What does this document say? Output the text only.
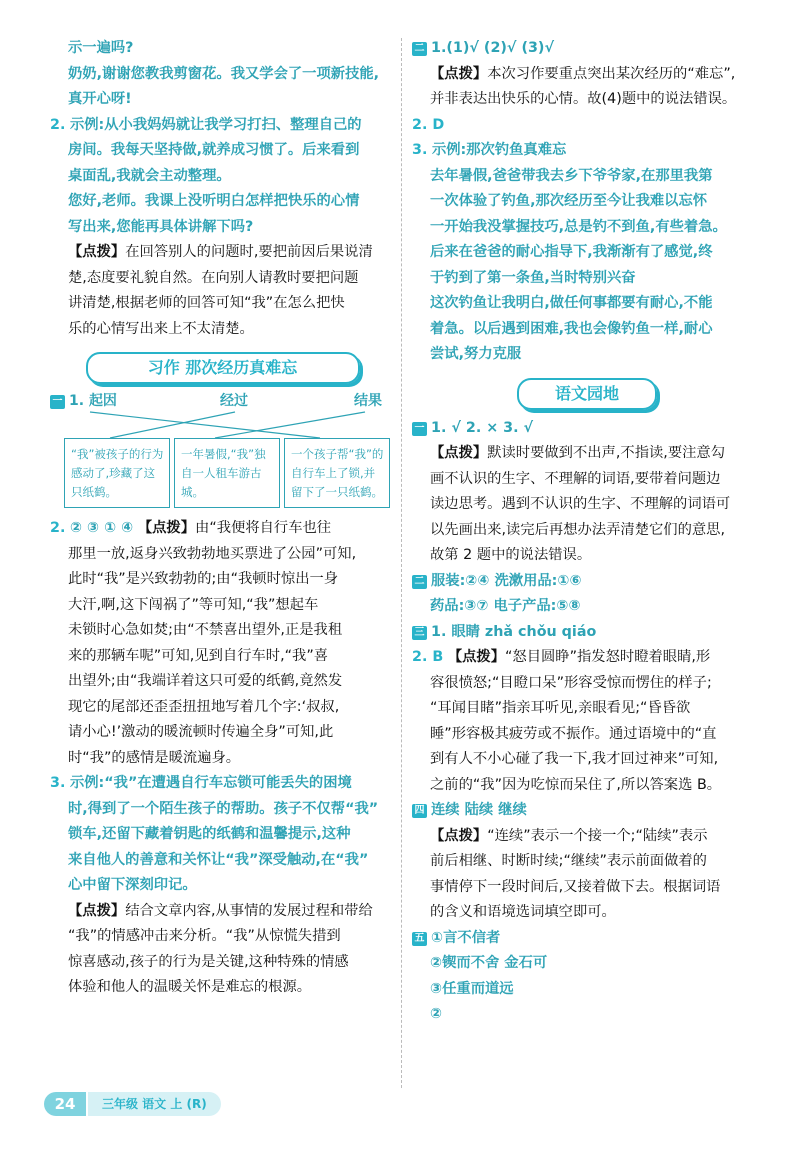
示一遍吗?
奶奶,谢谢您教我剪窗花。我又学会了一项新技能,
真开心呀!
2. 示例:从小我妈妈就让我学习打扫、整理自己的
房间。我每天坚持做,就养成习惯了。后来看到
桌面乱,我就会主动整理。
您好,老师。我课上没听明白怎样把快乐的心情
写出来,您能再具体讲解下吗?
【点拨】在回答别人的问题时,要把前因后果说清
楚,态度要礼貌自然。在向别人请教时要把问题
讲清楚,根据老师的回答可知“我”在怎么把快
乐的心情写出来上不太清楚。
习作 那次经历真难忘
一 1. 起因	经过	结果
“我”被孩子的行为感动了,珍藏了这只纸鹤。
一年暑假,“我”独自一人租车游古城。
一个孩子帮“我”的自行车上了锁,并留下了一只纸鹤。
2. ② ③ ① ④ 【点拨】由“我便将自行车也往
那里一放,返身兴致勃勃地买票进了公园”可知,
此时“我”是兴致勃勃的;由“我顿时惊出一身
大汗,啊,这下闯祸了”等可知,“我”想起车
未锁时心急如焚;由“不禁喜出望外,正是我租
来的那辆车呢”可知,见到自行车时,“我”喜
出望外;由“我端详着这只可爱的纸鹤,竟然发
现它的尾部还歪歪扭扭地写着几个字:‘叔叔,
请小心!’激动的暖流顿时传遍全身”可知,此
时“我”的感情是暖流遍身。
3. 示例:“我”在遭遇自行车忘锁可能丢失的困境
时,得到了一个陌生孩子的帮助。孩子不仅帮“我”
锁车,还留下藏着钥匙的纸鹤和温馨提示,这种
来自他人的善意和关怀让“我”深受触动,在“我”
心中留下深刻印记。
【点拨】结合文章内容,从事情的发展过程和带给
“我”的情感冲击来分析。“我”从惊慌失措到
惊喜感动,孩子的行为是关键,这种特殊的情感
体验和他人的温暖关怀是难忘的根源。
二 1.(1)√ (2)√ (3)√
【点拨】本次习作要重点突出某次经历的“难忘”,
并非表达出快乐的心情。故(4)题中的说法错误。
2. D
3. 示例:那次钓鱼真难忘
去年暑假,爸爸带我去乡下爷爷家,在那里我第
一次体验了钓鱼,那次经历至今让我难以忘怀
一开始我没掌握技巧,总是钓不到鱼,有些着急。
后来在爸爸的耐心指导下,我渐渐有了感觉,终
于钓到了第一条鱼,当时特别兴奋
这次钓鱼让我明白,做任何事都要有耐心,不能
着急。以后遇到困难,我也会像钓鱼一样,耐心
尝试,努力克服
语文园地
一 1. √ 2. × 3. √
【点拨】默读时要做到不出声,不指读,要注意勾
画不认识的生字、不理解的词语,要带着问题边
读边思考。遇到不认识的生字、不理解的词语可
以先画出来,读完后再想办法弄清楚它们的意思,
故第 2 题中的说法错误。
二 服装:②④ 洗漱用品:①⑥
药品:③⑦ 电子产品:⑤⑧
三 1. 眼睛 zhǎ chǒu qiáo
2. B 【点拨】“怒目圆睁”指发怒时瞪着眼睛,形
容很愤怒;“目瞪口呆”形容受惊而愣住的样子;
“耳闻目睹”指亲耳听见,亲眼看见;“昏昏欲
睡”形容极其疲劳或不振作。通过语境中的“直
到有人不小心碰了我一下,我才回过神来”可知,
之前的“我”因为吃惊而呆住了,所以答案选 B。
四 连续 陆续 继续
【点拨】“连续”表示一个接一个;“陆续”表示
前后相继、时断时续;“继续”表示前面做着的
事情停下一段时间后,又接着做下去。根据词语
的含义和语境选词填空即可。
五 ①言不信者
②锲而不舍 金石可
③任重而道远
②
24	三年级 语文 上 (R)
